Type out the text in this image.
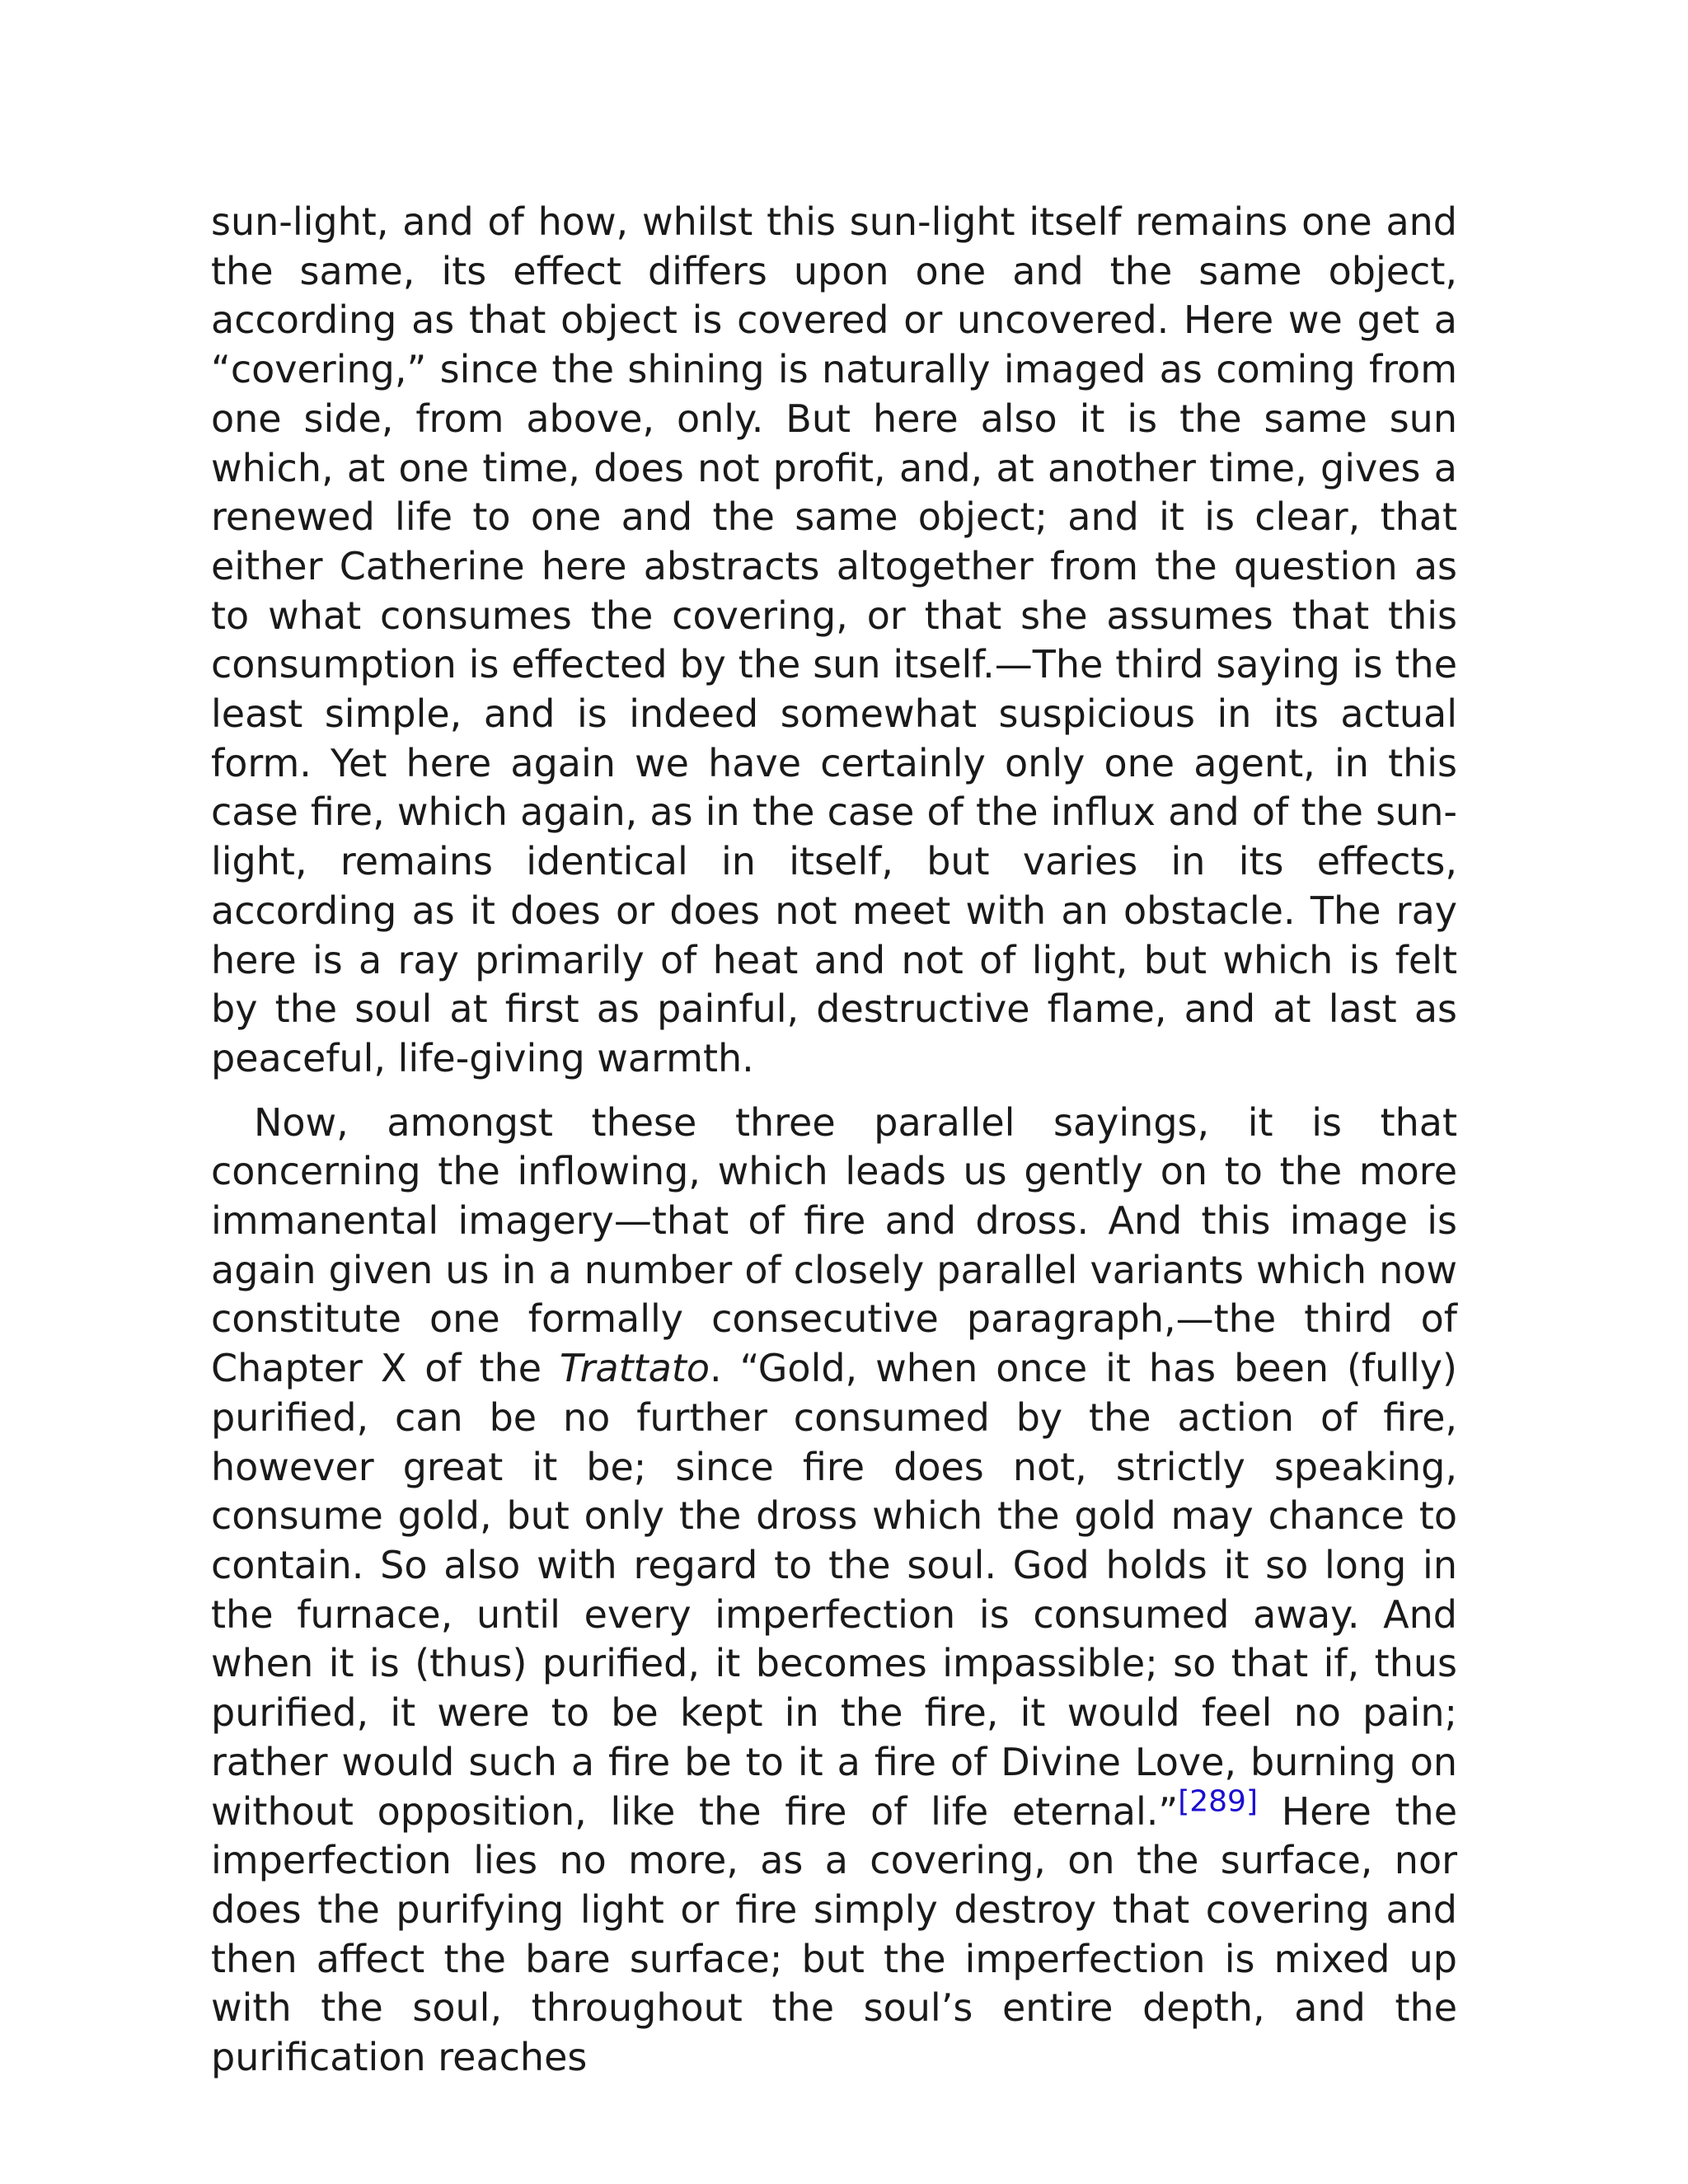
sun-light, and of how, whilst this sun-light itself remains one and the same, its effect differs upon one and the same object, according as that object is covered or uncovered. Here we get a “covering,” since the shining is naturally imaged as coming from one side, from above, only. But here also it is the same sun which, at one time, does not profit, and, at another time, gives a renewed life to one and the same object; and it is clear, that either Catherine here abstracts altogether from the question as to what consumes the covering, or that she assumes that this consumption is effected by the sun itself.—The third saying is the least simple, and is indeed somewhat suspicious in its actual form. Yet here again we have certainly only one agent, in this case fire, which again, as in the case of the influx and of the sun-light, remains identical in itself, but varies in its effects, according as it does or does not meet with an obstacle. The ray here is a ray primarily of heat and not of light, but which is felt by the soul at first as painful, destructive flame, and at last as peaceful, life-giving warmth.

Now, amongst these three parallel sayings, it is that concerning the inflowing, which leads us gently on to the more immanental imagery—that of fire and dross. And this image is again given us in a number of closely parallel variants which now constitute one formally consecutive paragraph,—the third of Chapter X of the Trattato. “Gold, when once it has been (fully) purified, can be no further consumed by the action of fire, however great it be; since fire does not, strictly speaking, consume gold, but only the dross which the gold may chance to contain. So also with regard to the soul. God holds it so long in the furnace, until every imperfection is consumed away. And when it is (thus) purified, it becomes impassible; so that if, thus purified, it were to be kept in the fire, it would feel no pain; rather would such a fire be to it a fire of Divine Love, burning on without opposition, like the fire of life eternal.”[289] Here the imperfection lies no more, as a covering, on the surface, nor does the purifying light or fire simply destroy that covering and then affect the bare surface; but the imperfection is mixed up with the soul, throughout the soul’s entire depth, and the purification reaches
